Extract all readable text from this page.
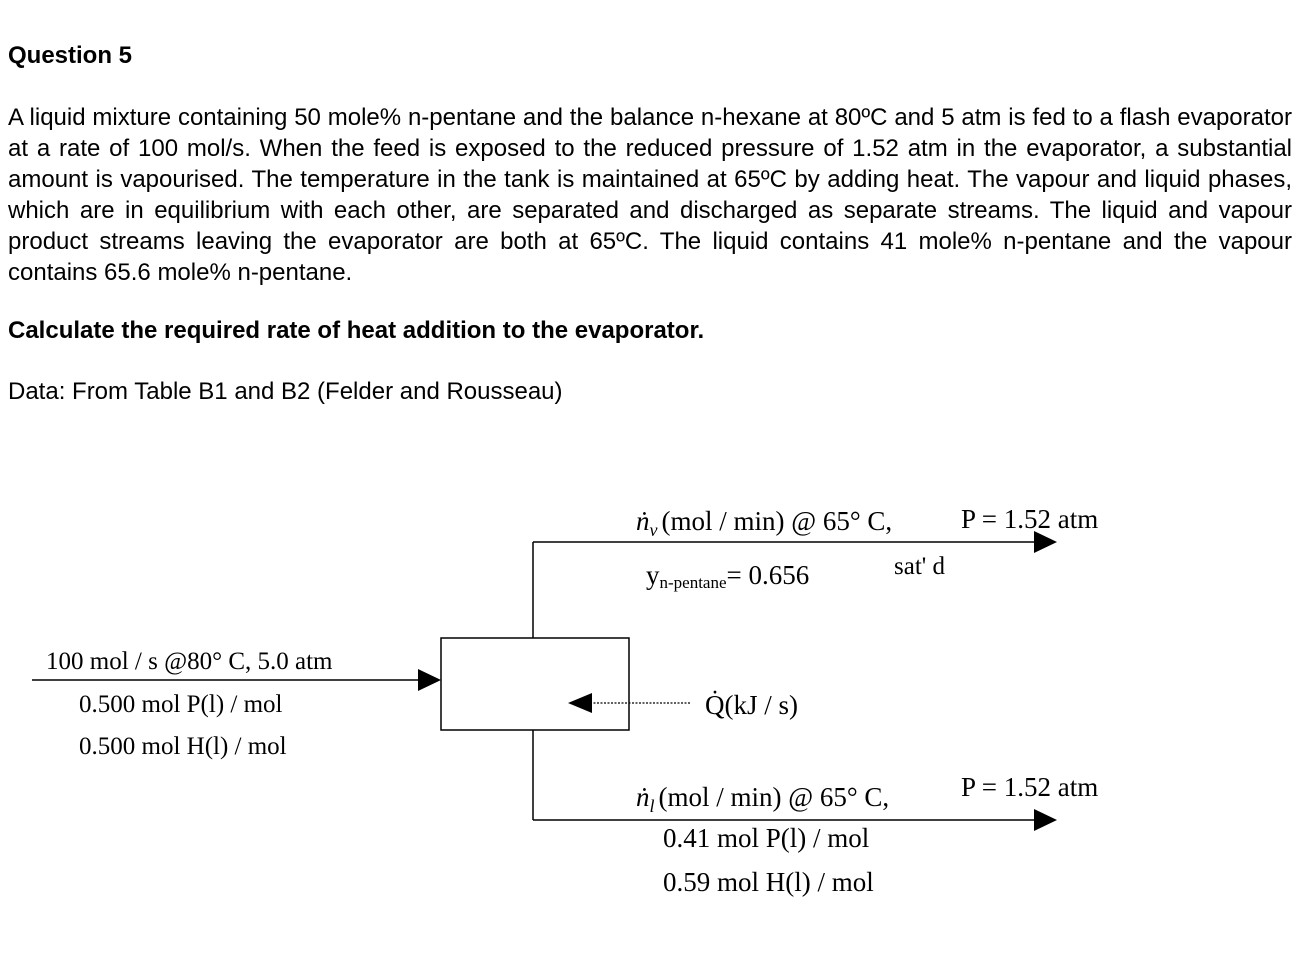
Question 5

A liquid mixture containing 50 mole% n-pentane and the balance n-hexane at 80ºC and 5 atm is fed to a flash evaporator at a rate of 100 mol/s. When the feed is exposed to the reduced pressure of 1.52 atm in the evaporator, a substantial amount is vapourised. The temperature in the tank is maintained at 65ºC by adding heat. The vapour and liquid phases, which are in equilibrium with each other, are separated and discharged as separate streams. The liquid and vapour product streams leaving the evaporator are both at 65ºC. The liquid contains 41 mole% n-pentane and the vapour contains 65.6 mole% n-pentane.

Calculate the required rate of heat addition to the evaporator.

Data: From Table B1 and B2 (Felder and Rousseau)

100 mol / s @80° C, 5.0 atm
0.500 mol P(l) / mol
0.500 mol H(l) / mol
ṅ$_v$ (mol / min) @ 65° C,	P = 1.52 atm
sat' d
yn-pentane= 0.656
Q̇(kJ / s)
ṅ$_l$ (mol / min) @ 65° C,	P = 1.52 atm
0.41 mol P(l) / mol
0.59 mol H(l) / mol
